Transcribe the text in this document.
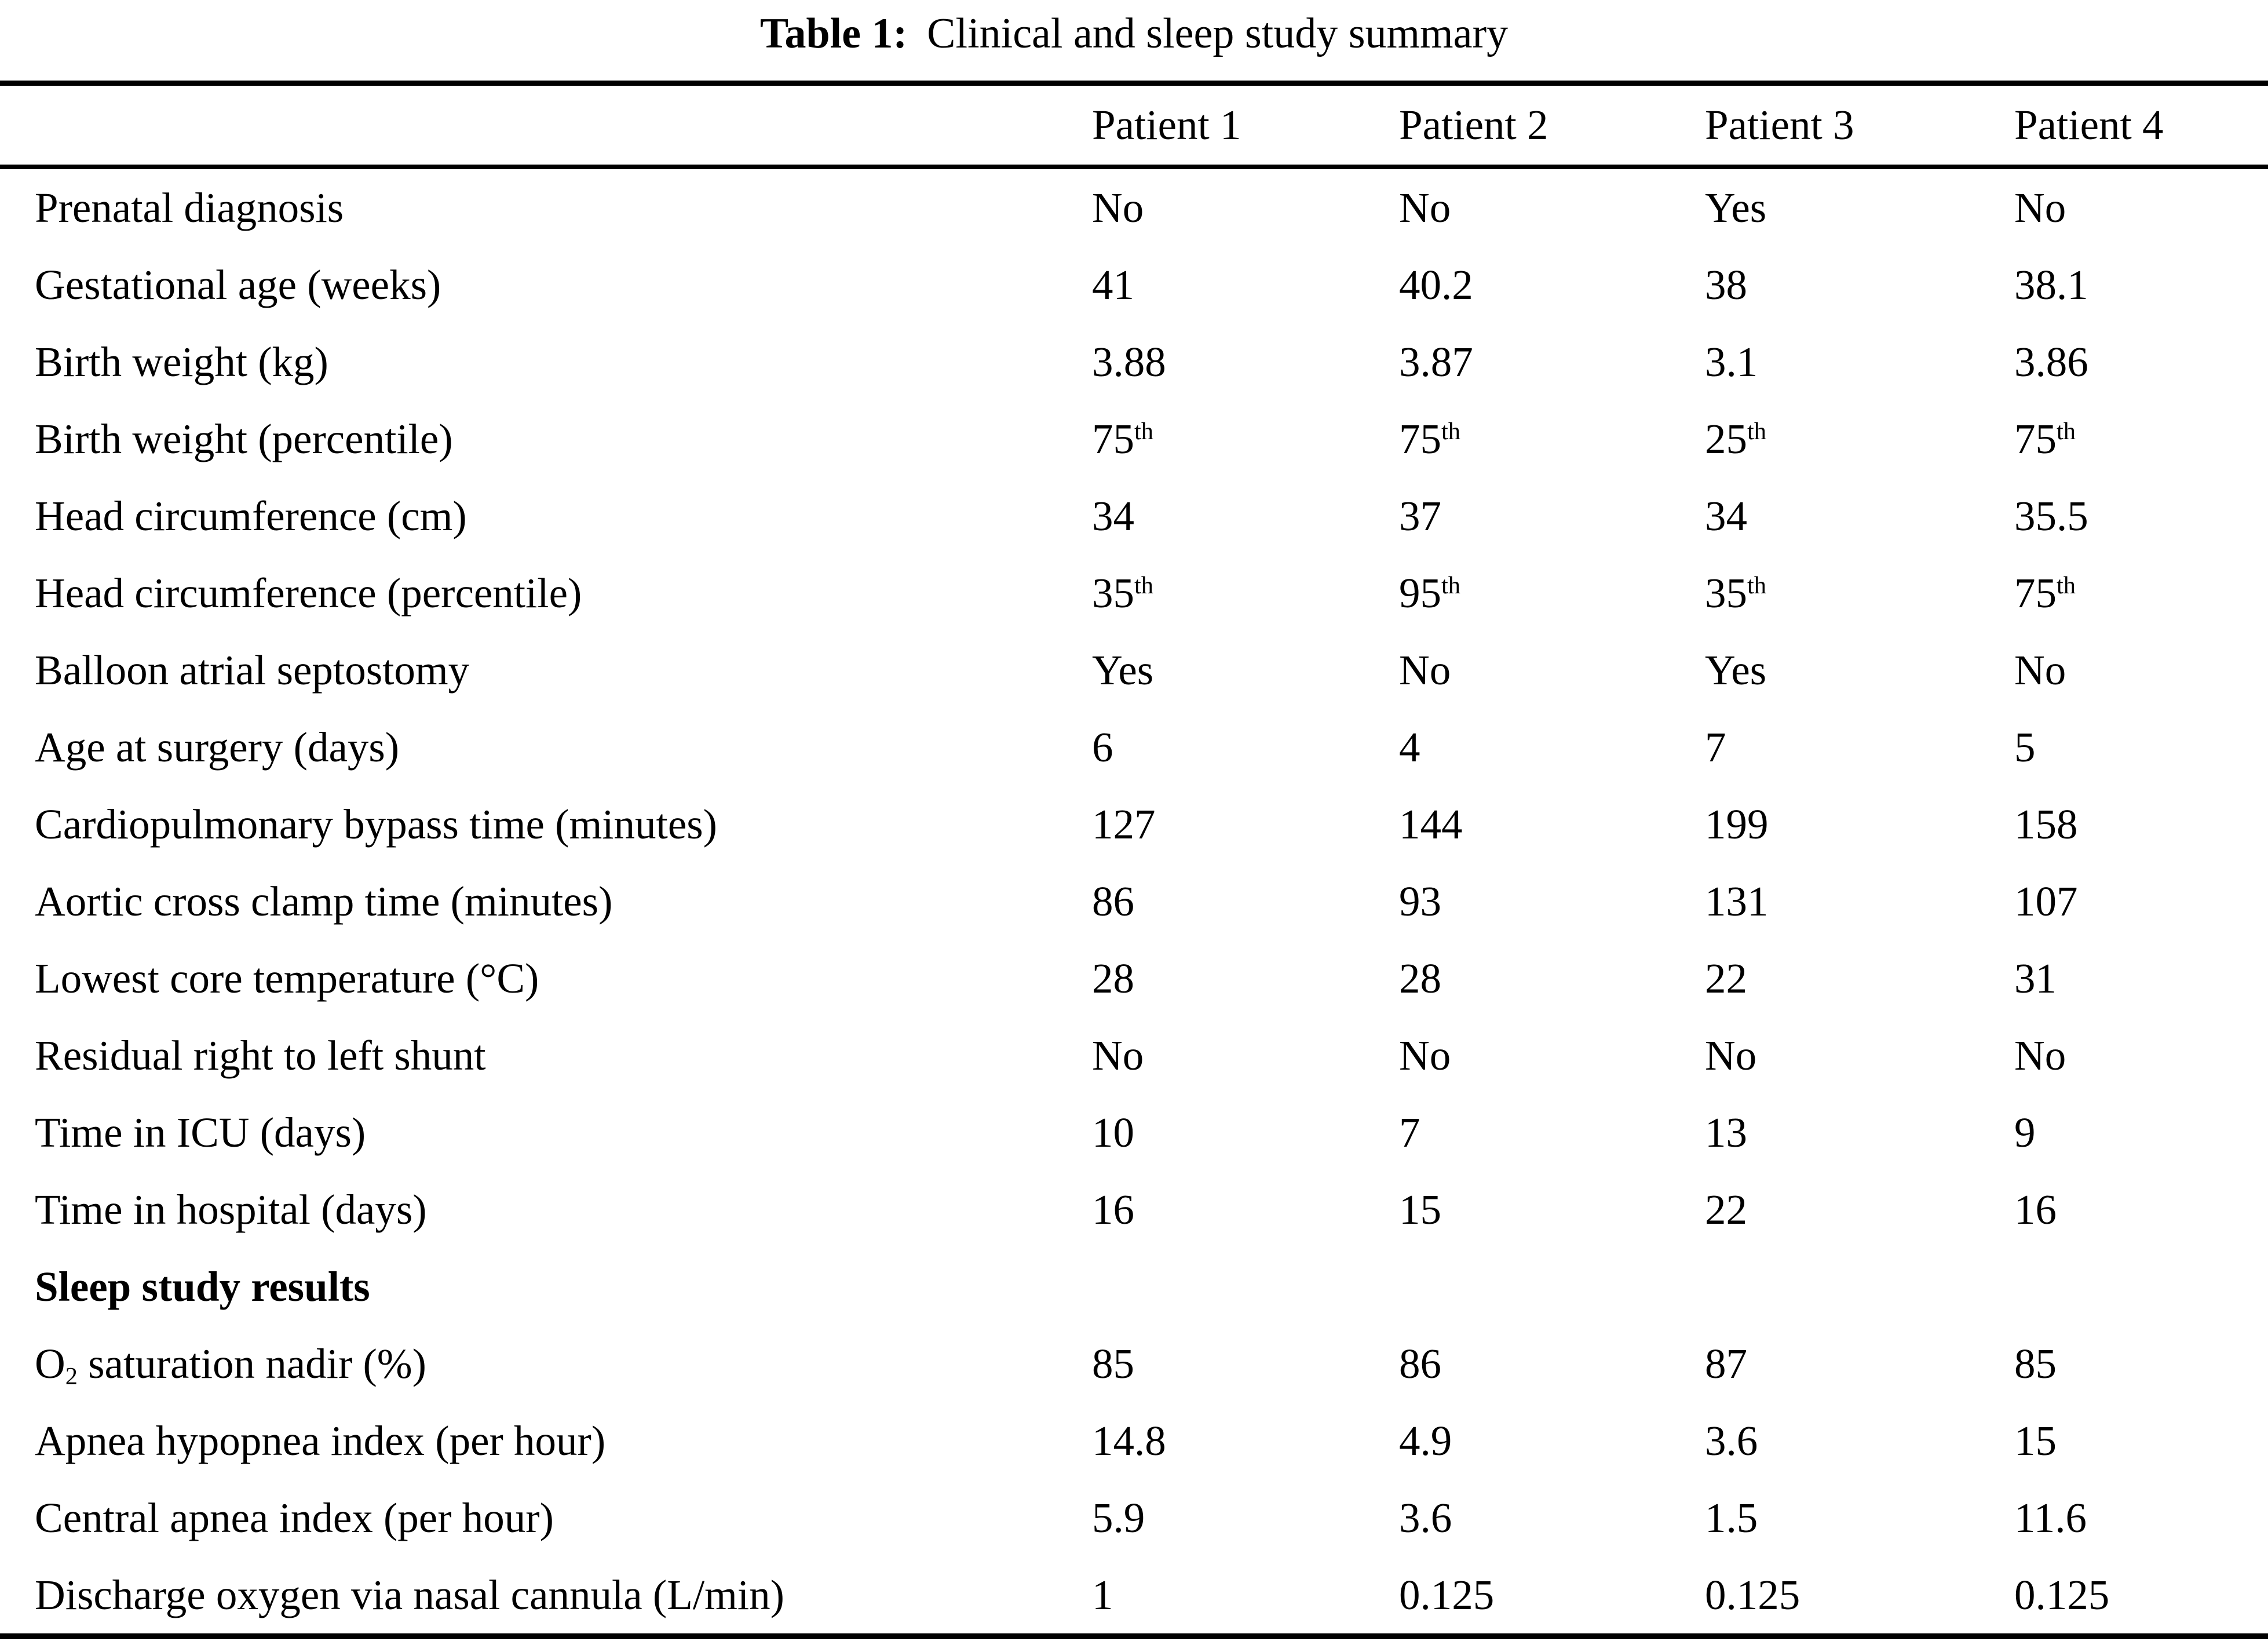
Table 1: Clinical and sleep study summary
	Patient 1	Patient 2	Patient 3	Patient 4
Prenatal diagnosis	No	No	Yes	No
Gestational age (weeks)	41	40.2	38	38.1
Birth weight (kg)	3.88	3.87	3.1	3.86
Birth weight (percentile)	75th	75th	25th	75th
Head circumference (cm)	34	37	34	35.5
Head circumference (percentile)	35th	95th	35th	75th
Balloon atrial septostomy	Yes	No	Yes	No
Age at surgery (days)	6	4	7	5
Cardiopulmonary bypass time (minutes)	127	144	199	158
Aortic cross clamp time (minutes)	86	93	131	107
Lowest core temperature (°C)	28	28	22	31
Residual right to left shunt	No	No	No	No
Time in ICU (days)	10	7	13	9
Time in hospital (days)	16	15	22	16
Sleep study results				
$O_2$ saturation nadir (%)	85	86	87	85
Apnea hypopnea index (per hour)	14.8	4.9	3.6	15
Central apnea index (per hour)	5.9	3.6	1.5	11.6
Discharge oxygen via nasal cannula (L/min)	1	0.125	0.125	0.125
